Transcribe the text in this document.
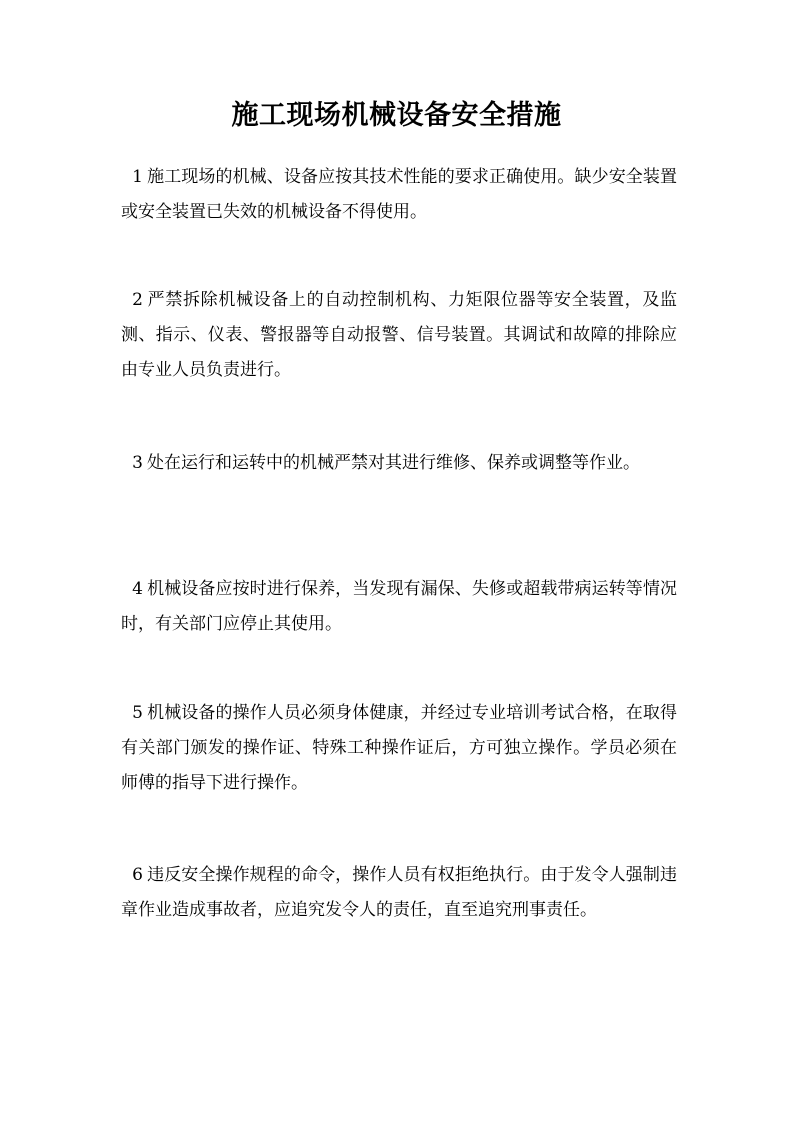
施工现场机械设备安全措施

1 施工现场的机械、设备应按其技术性能的要求正确使用。缺少安全装置或安全装置已失效的机械设备不得使用。

2 严禁拆除机械设备上的自动控制机构、力矩限位器等安全装置，及监测、指示、仪表、警报器等自动报警、信号装置。其调试和故障的排除应由专业人员负责进行。

3 处在运行和运转中的机械严禁对其进行维修、保养或调整等作业。

4 机械设备应按时进行保养，当发现有漏保、失修或超载带病运转等情况时，有关部门应停止其使用。

5 机械设备的操作人员必须身体健康，并经过专业培训考试合格，在取得有关部门颁发的操作证、特殊工种操作证后，方可独立操作。学员必须在师傅的指导下进行操作。

6 违反安全操作规程的命令，操作人员有权拒绝执行。由于发令人强制违章作业造成事故者，应追究发令人的责任，直至追究刑事责任。
